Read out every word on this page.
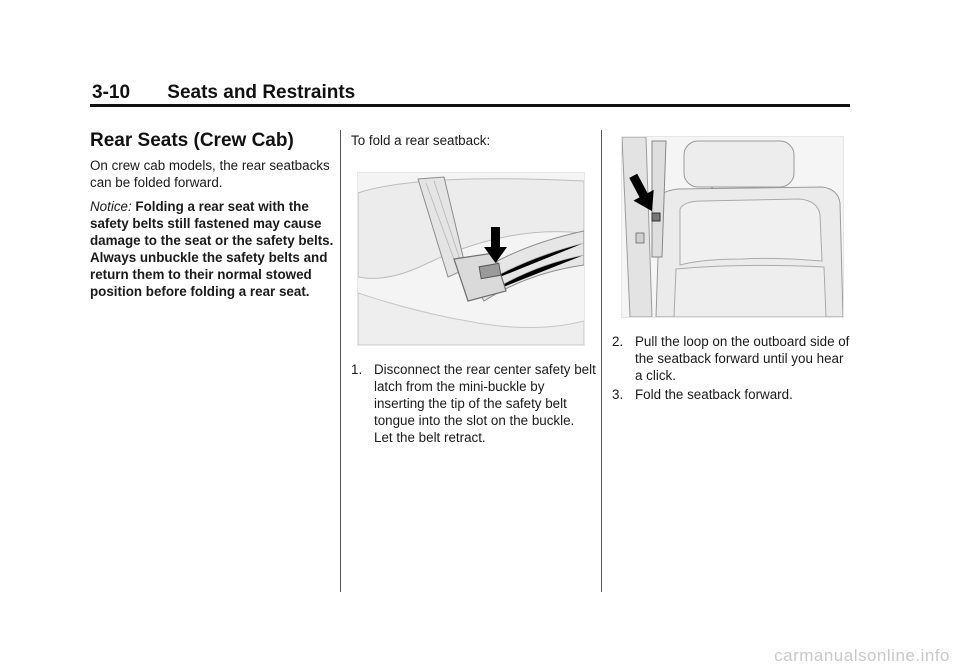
3-10 Seats and Restraints
Rear Seats (Crew Cab)
On crew cab models, the rear seatbacks can be folded forward.
Notice: Folding a rear seat with the safety belts still fastened may cause damage to the seat or the safety belts. Always unbuckle the safety belts and return them to their normal stowed position before folding a rear seat.
To fold a rear seatback:
1. Disconnect the rear center safety belt latch from the mini-buckle by inserting the tip of the safety belt tongue into the slot on the buckle. Let the belt retract.
2. Pull the loop on the outboard side of the seatback forward until you hear a click.
3. Fold the seatback forward.
carmanualsonline.info
